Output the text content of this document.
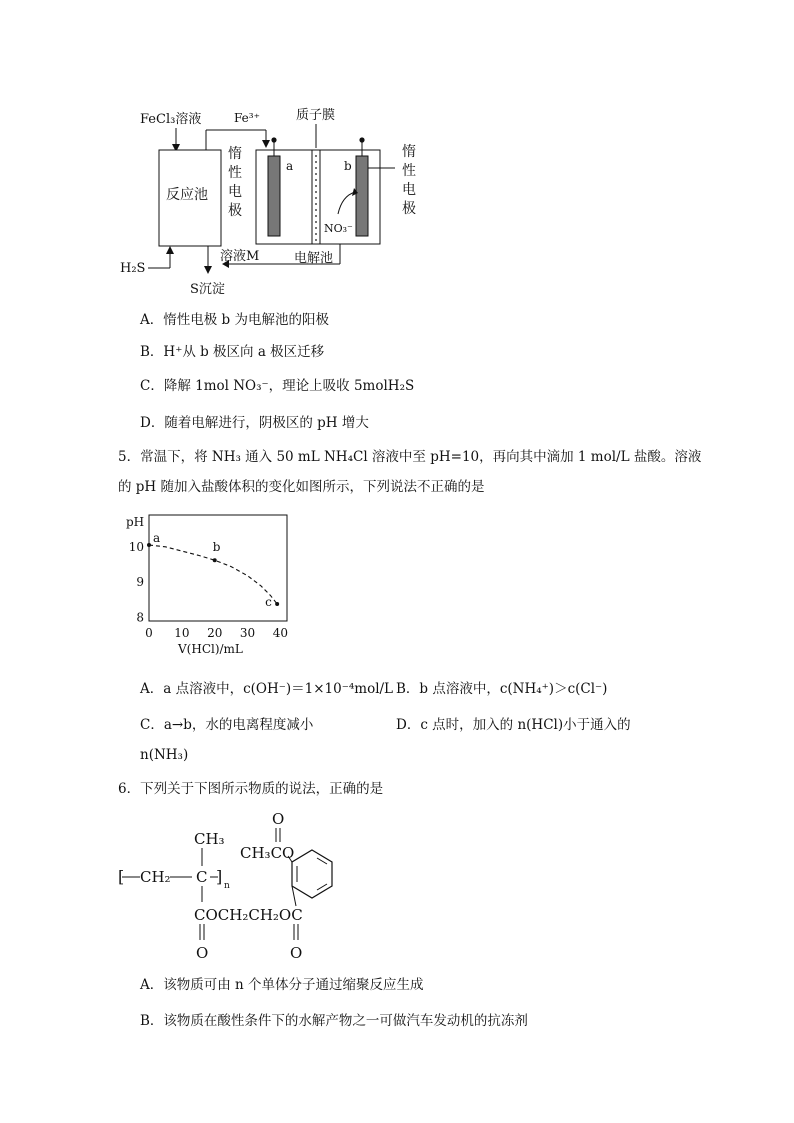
FeCl₃溶液	Fe³⁺
反应池
惰
性
电
极
质子膜
a	b
NO₃⁻
惰
性
电
极
溶液M	电解池
H₂S
S沉淀
A．惰性电极 b 为电解池的阳极
B．H⁺从 b 极区向 a 极区迁移
C．降解 1mol NO₃⁻，理论上吸收 5molH₂S
D．随着电解进行，阴极区的 pH 增大
5．常温下，将 NH₃ 通入 50 mL NH₄Cl 溶液中至 pH=10，再向其中滴加 1 mol/L 盐酸。溶液
的 pH 随加入盐酸体积的变化如图所示，下列说法不正确的是
pH
V(HCl)/mL
0 10 20 30 40
8
9
10
a
b
c
A．a 点溶液中，c(OH⁻)＝1×10⁻⁴mol/L B．b 点溶液中，c(NH₄⁺)＞c(Cl⁻)
C．a→b，水的电离程度减小	D．c 点时，加入的 n(HCl)小于通入的
n(NH₃)
6．下列关于下图所示物质的说法，正确的是
CH₃
[ CH₂ C ] n
COCH₂CH₂OC
O	O
CH₃CO
O
A．该物质可由 n 个单体分子通过缩聚反应生成
B．该物质在酸性条件下的水解产物之一可做汽车发动机的抗冻剂
